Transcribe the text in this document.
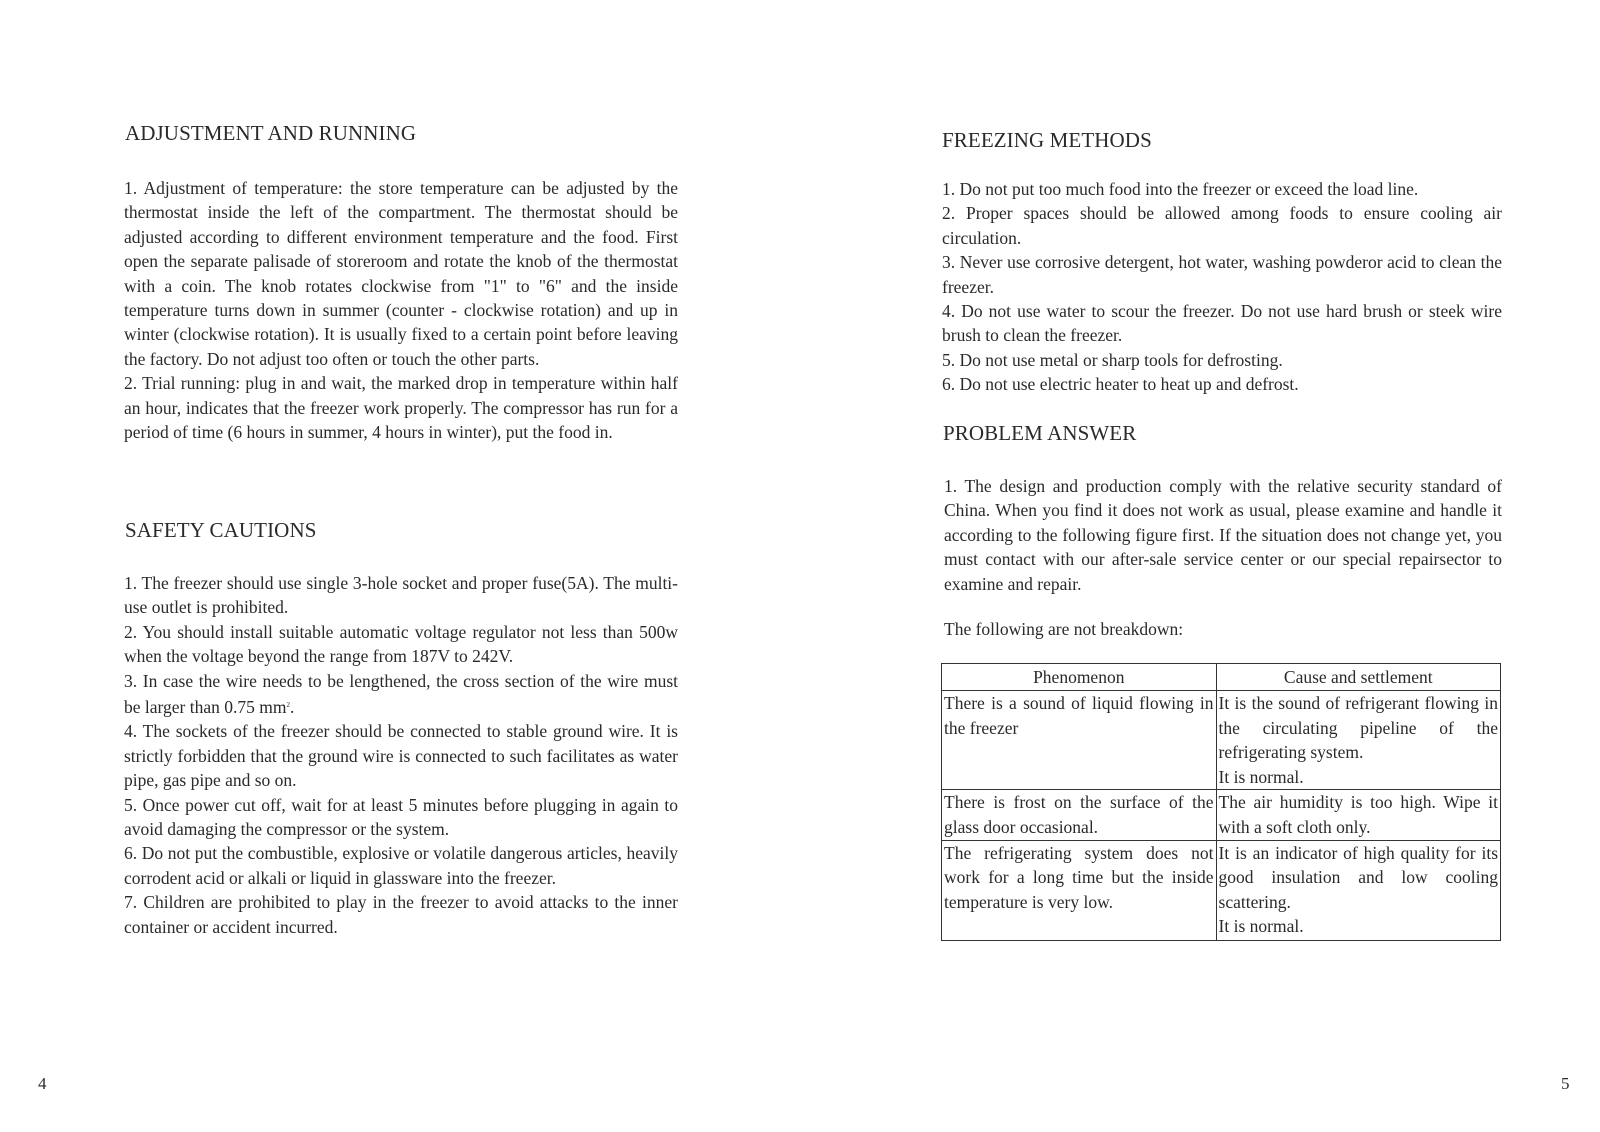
ADJUSTMENT AND RUNNING

1. Adjustment of temperature: the store temperature can be adjusted by the thermostat inside the left of the compartment. The thermostat should be adjusted according to different environment temperature and the food. First open the separate palisade of storeroom and rotate the knob of the thermostat with a coin. The knob rotates clockwise from "1" to "6" and the inside temperature turns down in summer (counter - clockwise rotation) and up in winter (clockwise rotation). It is usually fixed to a certain point before leaving the factory. Do not adjust too often or touch the other parts.

2. Trial running: plug in and wait, the marked drop in temperature within half an hour, indicates that the freezer work properly. The compressor has run for a period of time (6 hours in summer, 4 hours in winter), put the food in.

SAFETY CAUTIONS

1. The freezer should use single 3-hole socket and proper fuse(5A). The multi-use outlet is prohibited.

2. You should install suitable automatic voltage regulator not less than 500w when the voltage beyond the range from 187V to 242V.

3. In case the wire needs to be lengthened, the cross section of the wire must be larger than 0.75 $mm^2$.

4. The sockets of the freezer should be connected to stable ground wire. It is strictly forbidden that the ground wire is connected to such facilitates as water pipe, gas pipe and so on.

5. Once power cut off, wait for at least 5 minutes before plugging in again to avoid damaging the compressor or the system.

6. Do not put the combustible, explosive or volatile dangerous articles, heavily corrodent acid or alkali or liquid in glassware into the freezer.

7. Children are prohibited to play in the freezer to avoid attacks to the inner container or accident incurred.

4
FREEZING METHODS

1. Do not put too much food into the freezer or exceed the load line.

2. Proper spaces should be allowed among foods to ensure cooling air circulation.

3. Never use corrosive detergent, hot water, washing powderor acid to clean the freezer.

4. Do not use water to scour the freezer. Do not use hard brush or steek wire brush to clean the freezer.

5. Do not use metal or sharp tools for defrosting.

6. Do not use electric heater to heat up and defrost.

PROBLEM ANSWER

1. The design and production comply with the relative security standard of China. When you find it does not work as usual, please examine and handle it according to the following figure first. If the situation does not change yet, you must contact with our after-sale service center or our special repairsector to examine and repair.

The following are not breakdown:
Phenomenon	Cause and settlement
There is a sound of liquid flowing in the freezer	It is the sound of refrigerant flowing in the circulating pipeline of the refrigerating system.
It is normal.

There is frost on the surface of the glass door occasional.	The air humidity is too high. Wipe it with a soft cloth only.

The refrigerating system does not work for a long time but the inside temperature is very low.	It is an indicator of high quality for its good insulation and low cooling scattering.
It is normal.
5
